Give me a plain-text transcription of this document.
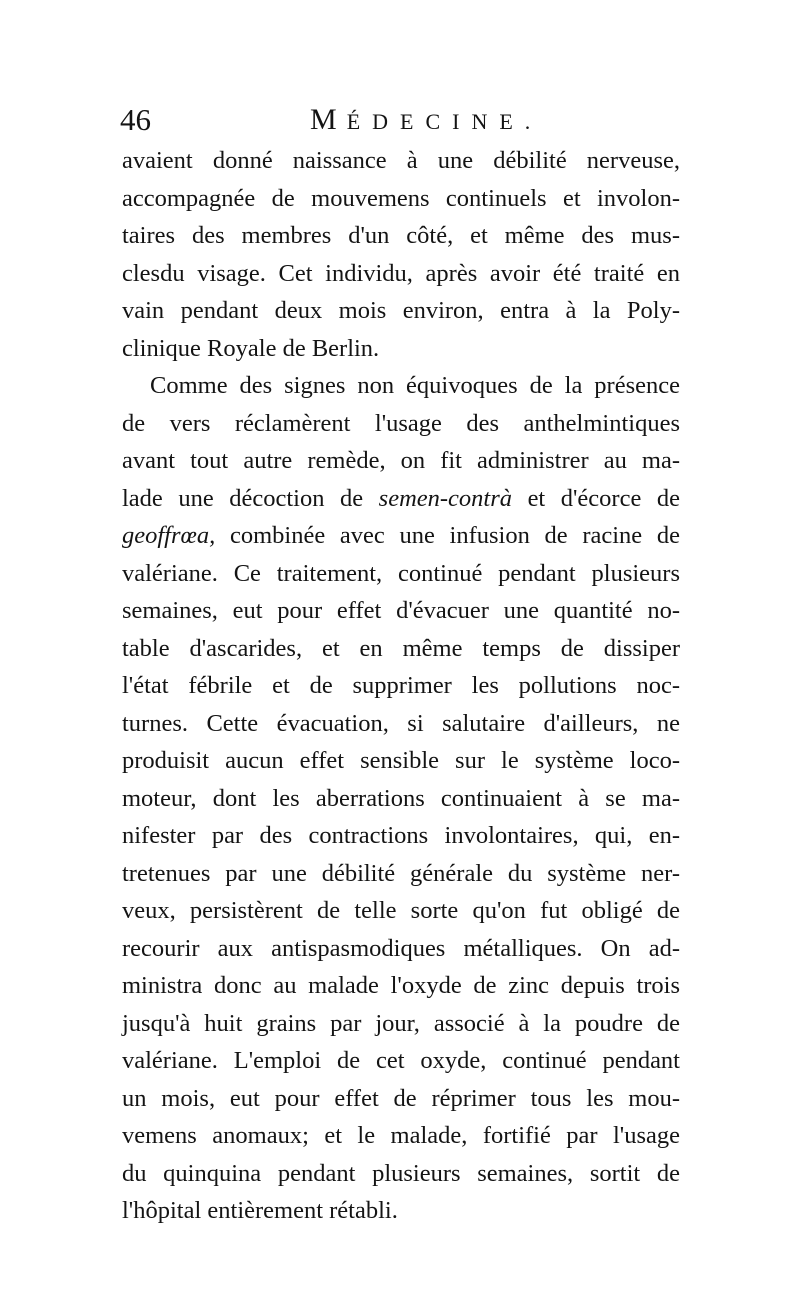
46	MÉDECINE.
avaient donné naissance à une débilité nerveuse,
accompagnée de mouvemens continuels et involon-
taires des membres d'un côté, et même des mus-
clesdu visage. Cet individu, après avoir été traité en
vain pendant deux mois environ, entra à la Poly-
clinique Royale de Berlin.
Comme des signes non équivoques de la présence
de vers réclamèrent l'usage des anthelmintiques
avant tout autre remède, on fit administrer au ma-
lade une décoction de semen-contrà et d'écorce de
geoffrœa, combinée avec une infusion de racine de
valériane. Ce traitement, continué pendant plusieurs
semaines, eut pour effet d'évacuer une quantité no-
table d'ascarides, et en même temps de dissiper
l'état fébrile et de supprimer les pollutions noc-
turnes. Cette évacuation, si salutaire d'ailleurs, ne
produisit aucun effet sensible sur le système loco-
moteur, dont les aberrations continuaient à se ma-
nifester par des contractions involontaires, qui, en-
tretenues par une débilité générale du système ner-
veux, persistèrent de telle sorte qu'on fut obligé de
recourir aux antispasmodiques métalliques. On ad-
ministra donc au malade l'oxyde de zinc depuis trois
jusqu'à huit grains par jour, associé à la poudre de
valériane. L'emploi de cet oxyde, continué pendant
un mois, eut pour effet de réprimer tous les mou-
vemens anomaux; et le malade, fortifié par l'usage
du quinquina pendant plusieurs semaines, sortit de
l'hôpital entièrement rétabli.
